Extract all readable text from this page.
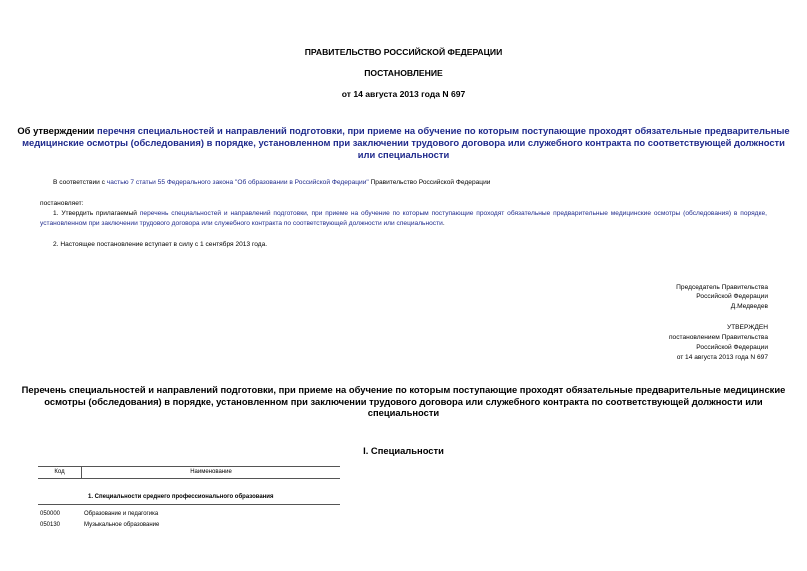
ПРАВИТЕЛЬСТВО РОССИЙСКОЙ ФЕДЕРАЦИИ
ПОСТАНОВЛЕНИЕ
от 14 августа 2013 года N 697
Об утверждении перечня специальностей и направлений подготовки, при приеме на обучение по которым поступающие проходят обязательные предварительные
медицинские осмотры (обследования) в порядке, установленном при заключении трудового договора или служебного контракта по соответствующей должности
или специальности
В соответствии с частью 7 статьи 55 Федерального закона "Об образовании в Российской Федерации" Правительство Российской Федерации
постановляет:
1. Утвердить прилагаемый перечень специальностей и направлений подготовки, при приеме на обучение по которым поступающие проходят обязательные предварительные медицинские осмотры (обследования) в порядке, установленном при заключении трудового договора или служебного контракта по соответствующей должности или специальности.
2. Настоящее постановление вступает в силу с 1 сентября 2013 года.
Председатель Правительства
Российской Федерации
Д.Медведев
УТВЕРЖДЕН
постановлением Правительства
Российской Федерации
от 14 августа 2013 года N 697
Перечень специальностей и направлений подготовки, при приеме на обучение по которым поступающие проходят обязательные предварительные медицинские
осмотры (обследования) в порядке, установленном при заключении трудового договора или служебного контракта по соответствующей должности или
специальности
I. Специальности
Код	Наименование
1. Специальности среднего профессионального образования
050000	Образование и педагогика
050130	Музыкальное образование
